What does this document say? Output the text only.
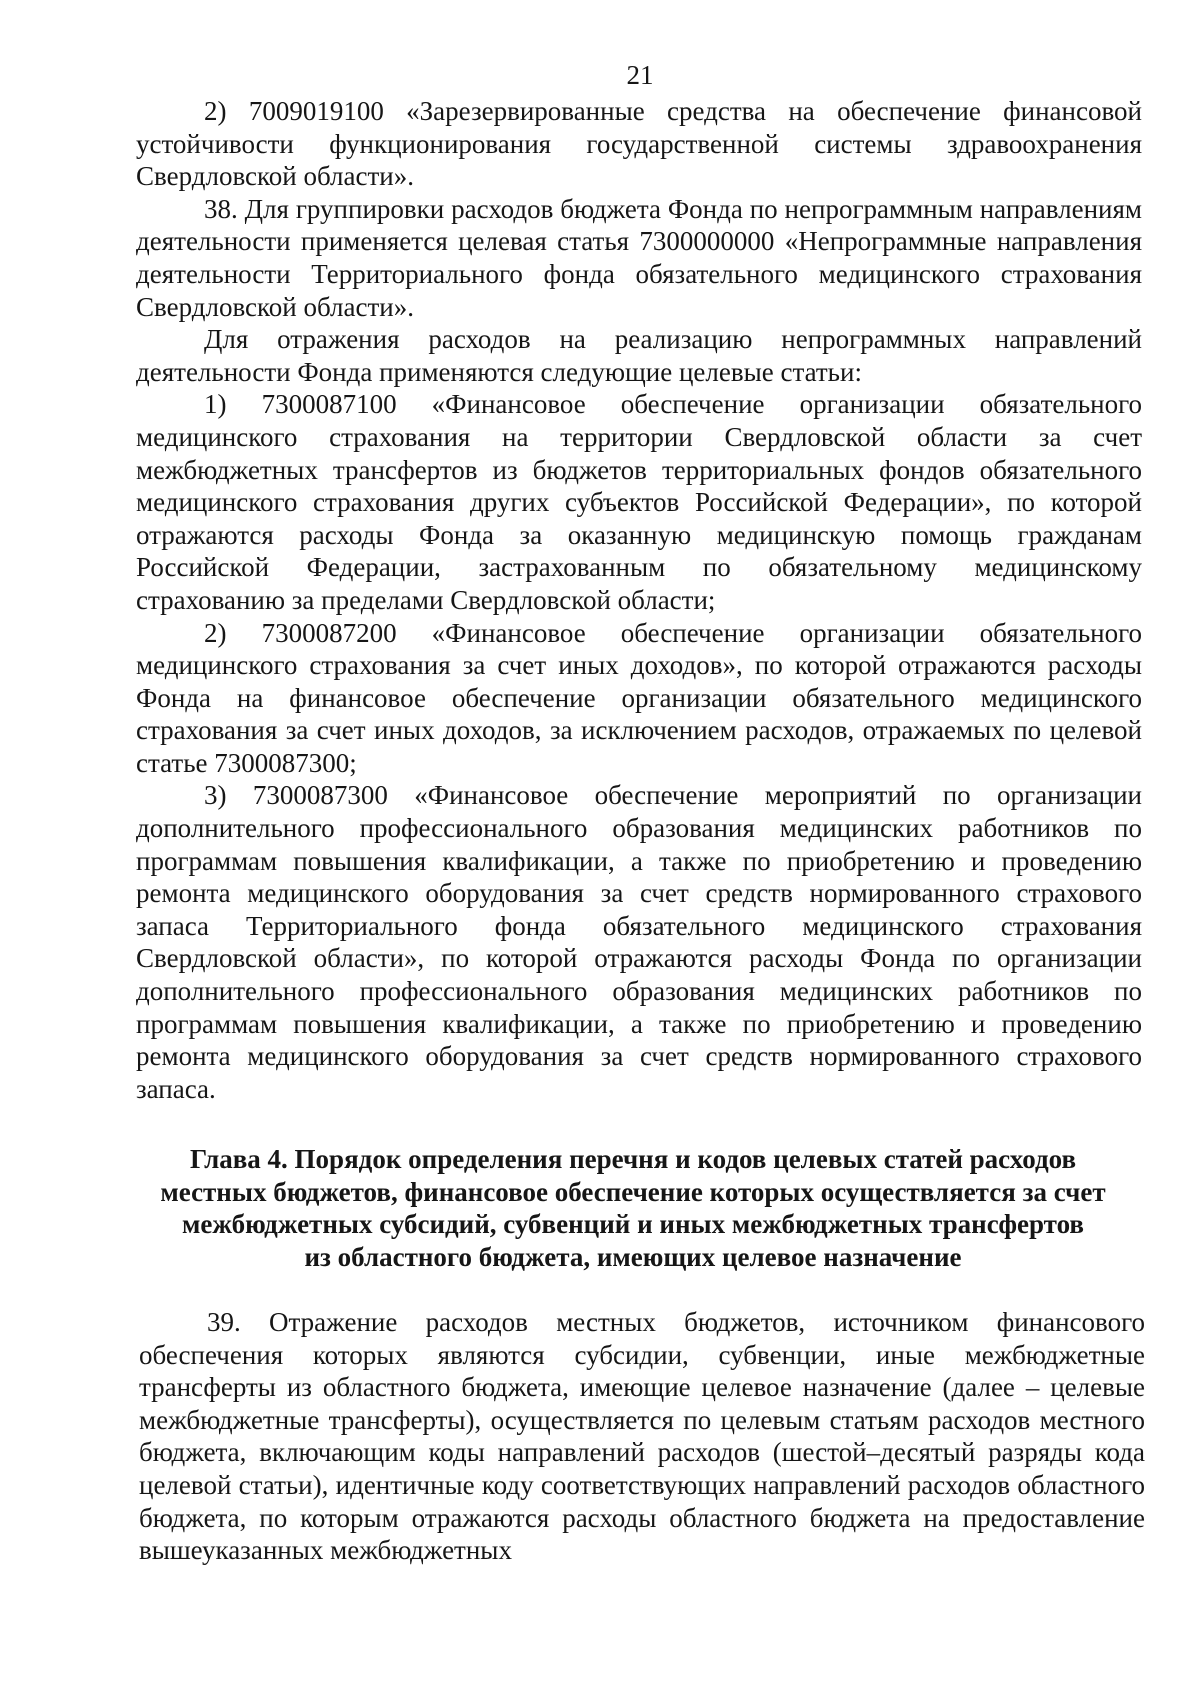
21

2) 7009019100 «Зарезервированные средства на обеспечение финансовой устойчивости функционирования государственной системы здравоохранения Свердловской области».

38. Для группировки расходов бюджета Фонда по непрограммным направлениям деятельности применяется целевая статья 7300000000 «Непрограммные направления деятельности Территориального фонда обязательного медицинского страхования Свердловской области».

Для отражения расходов на реализацию непрограммных направлений деятельности Фонда применяются следующие целевые статьи:

1) 7300087100 «Финансовое обеспечение организации обязательного медицинского страхования на территории Свердловской области за счет межбюджетных трансфертов из бюджетов территориальных фондов обязательного медицинского страхования других субъектов Российской Федерации», по которой отражаются расходы Фонда за оказанную медицинскую помощь гражданам Российской Федерации, застрахованным по обязательному медицинскому страхованию за пределами Свердловской области;

2) 7300087200 «Финансовое обеспечение организации обязательного медицинского страхования за счет иных доходов», по которой отражаются расходы Фонда на финансовое обеспечение организации обязательного медицинского страхования за счет иных доходов, за исключением расходов, отражаемых по целевой статье 7300087300;

3) 7300087300 «Финансовое обеспечение мероприятий по организации дополнительного профессионального образования медицинских работников по программам повышения квалификации, а также по приобретению и проведению ремонта медицинского оборудования за счет средств нормированного страхового запаса Территориального фонда обязательного медицинского страхования Свердловской области», по которой отражаются расходы Фонда по организации дополнительного профессионального образования медицинских работников по программам повышения квалификации, а также по приобретению и проведению ремонта медицинского оборудования за счет средств нормированного страхового запаса.

Глава 4. Порядок определения перечня и кодов целевых статей расходов

местных бюджетов, финансовое обеспечение которых осуществляется за счет

межбюджетных субсидий, субвенций и иных межбюджетных трансфертов

из областного бюджета, имеющих целевое назначение

39. Отражение расходов местных бюджетов, источником финансового обеспечения которых являются субсидии, субвенции, иные межбюджетные трансферты из областного бюджета, имеющие целевое назначение (далее – целевые межбюджетные трансферты), осуществляется по целевым статьям расходов местного бюджета, включающим коды направлений расходов (шестой–десятый разряды кода целевой статьи), идентичные коду соответствующих направлений расходов областного бюджета, по которым отражаются расходы областного бюджета на предоставление вышеуказанных межбюджетных
